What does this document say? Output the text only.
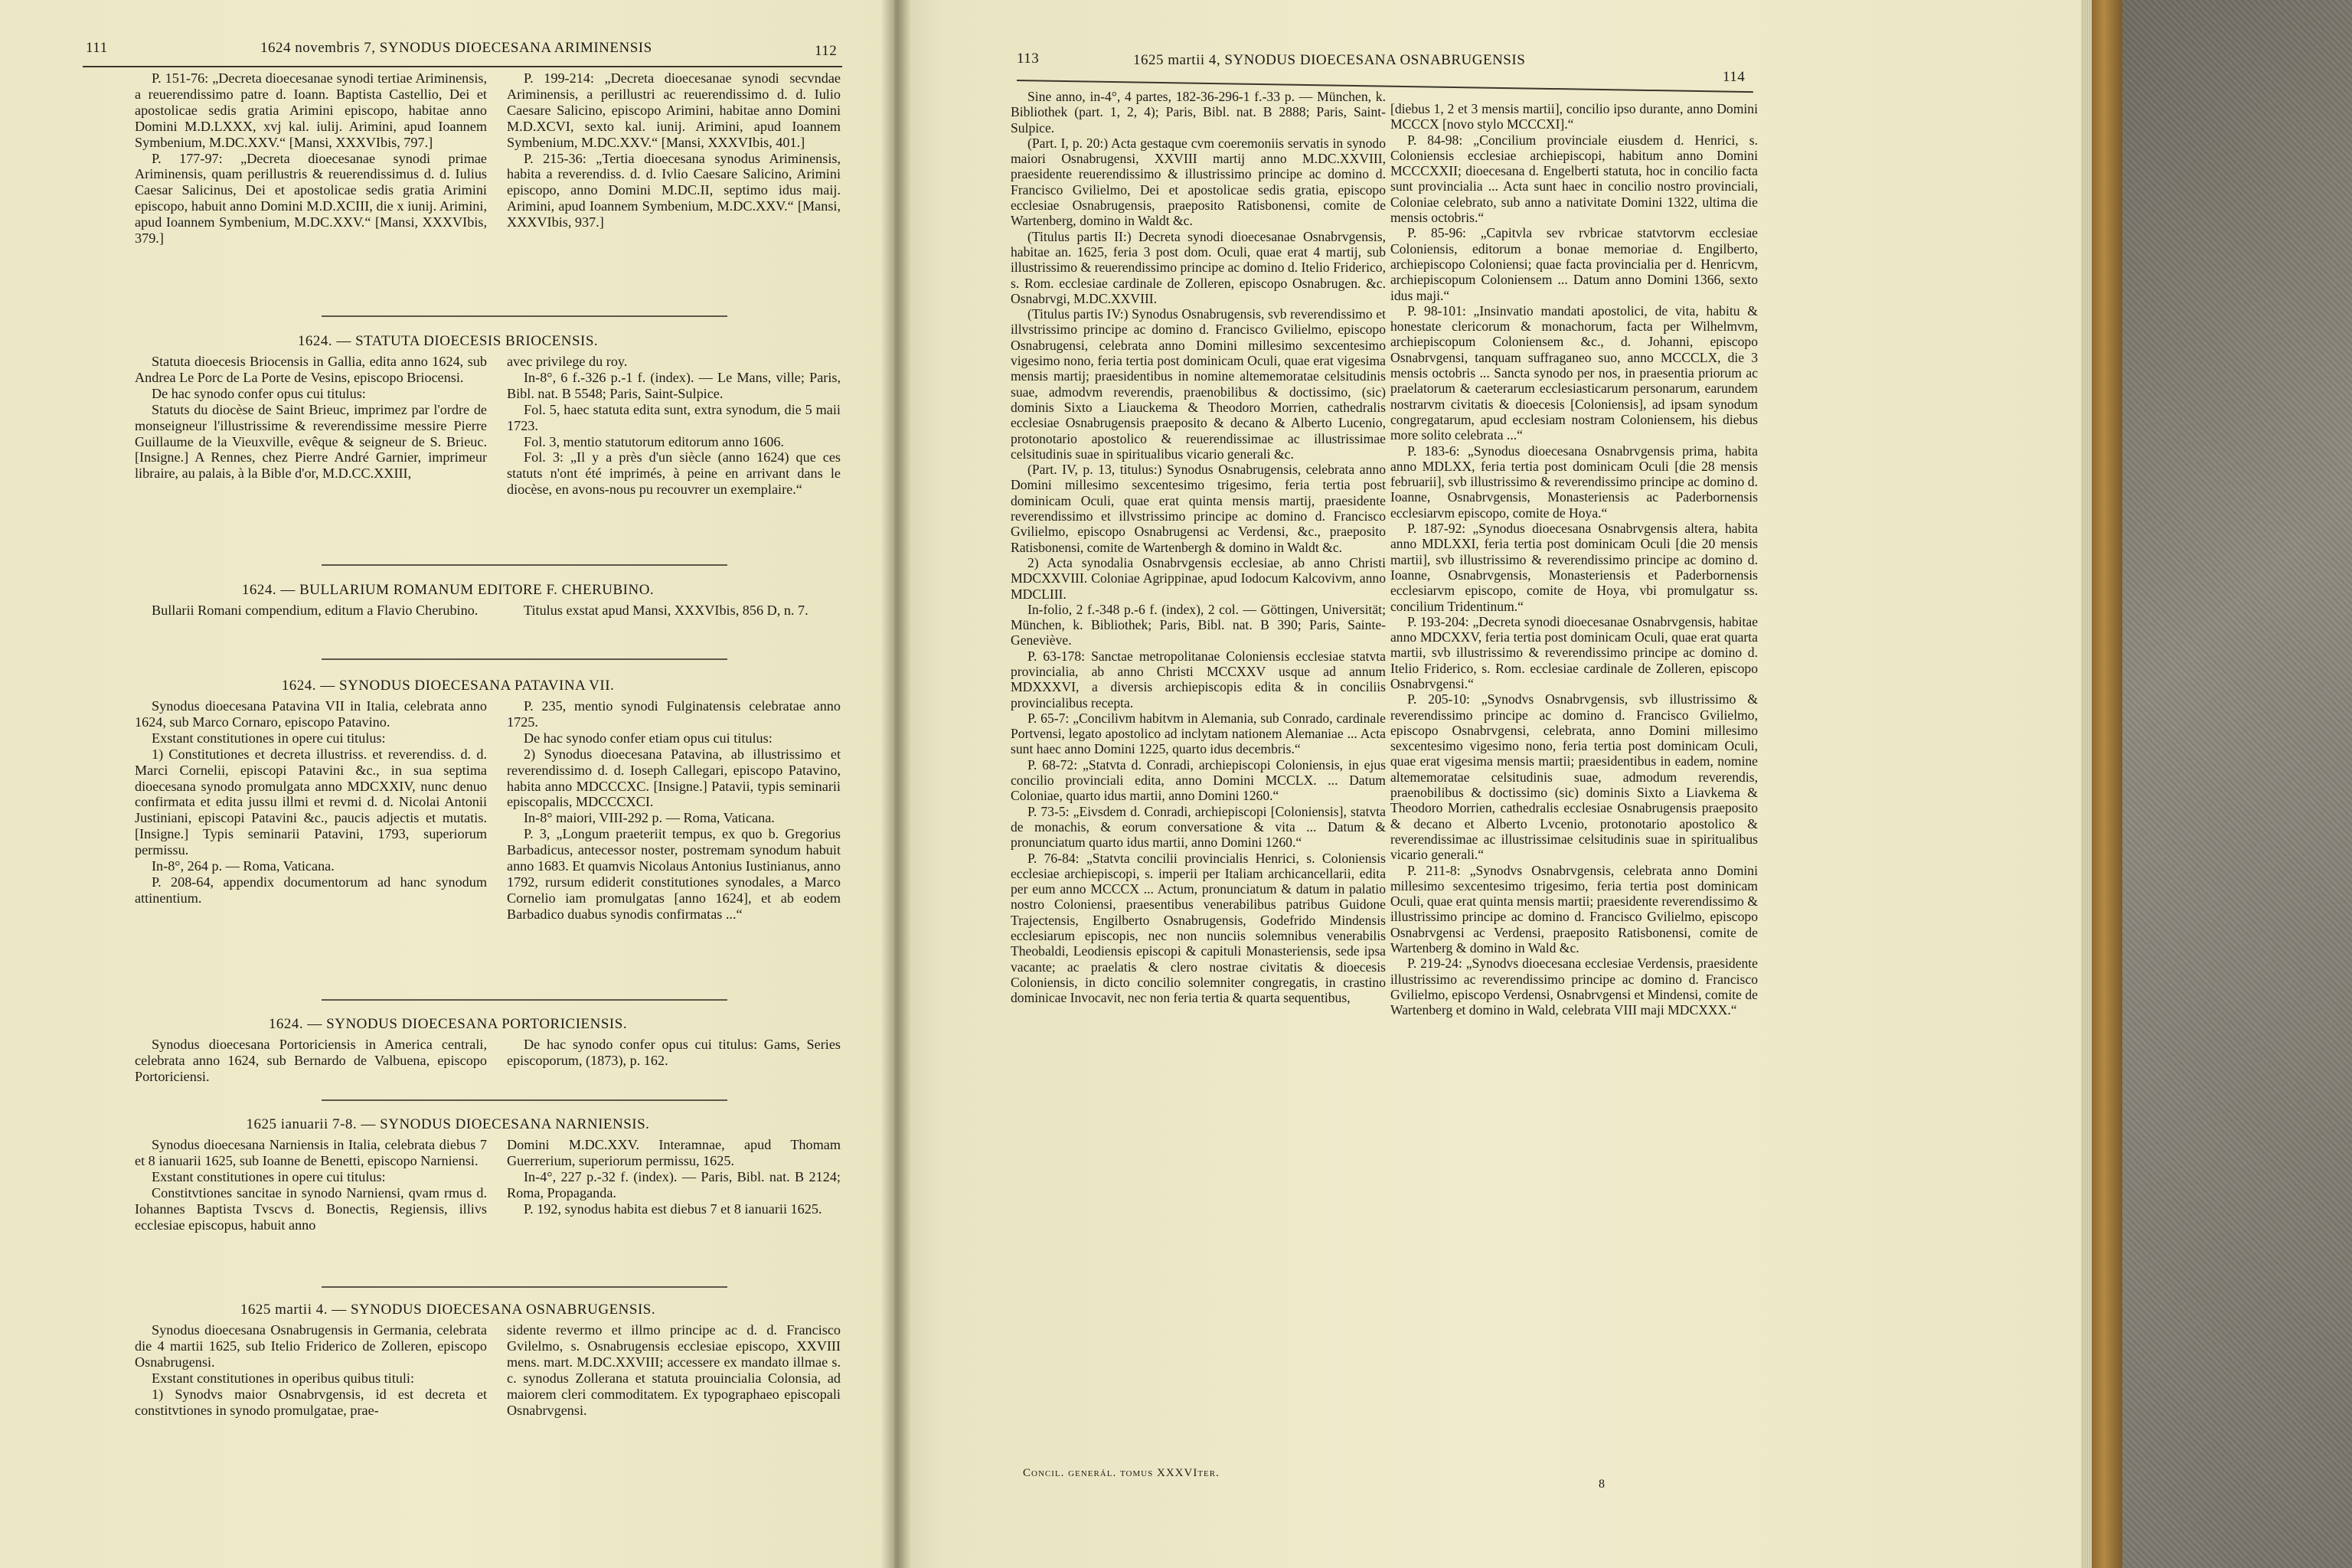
111	1624 novembris 7, SYNODUS DIOECESANA ARIMINENSIS	112

P. 151-76: „Decreta dioecesanae synodi tertiae Ariminensis, a reuerendissimo patre d. Ioann. Baptista Castellio, Dei et apostolicae sedis gratia Arimini episcopo, habitae anno Domini M.D.LXXX, xvj kal. iulij. Arimini, apud Ioannem Symbenium, M.DC.XXV.“ [Mansi, XXXVIbis, 797.]

P. 177-97: „Decreta dioecesanae synodi primae Ariminensis, quam perillustris & reuerendissimus d. d. Iulius Caesar Salicinus, Dei et apostolicae sedis gratia Arimini episcopo, habuit anno Domini M.D.XCIII, die x iunij. Arimini, apud Ioannem Symbenium, M.DC.XXV.“ [Mansi, XXXVIbis, 379.]

P. 199-214: „Decreta dioecesanae synodi secvndae Ariminensis, a perillustri ac reuerendissimo d. d. Iulio Caesare Salicino, episcopo Arimini, habitae anno Domini M.D.XCVI, sexto kal. iunij. Arimini, apud Ioannem Symbenium, M.DC.XXV.“ [Mansi, XXXVIbis, 401.]

P. 215-36: „Tertia dioecesana synodus Ariminensis, habita a reverendiss. d. d. Ivlio Caesare Salicino, Arimini episcopo, anno Domini M.DC.II, septimo idus maij. Arimini, apud Ioannem Symbenium, M.DC.XXV.“ [Mansi, XXXVIbis, 937.]

1624. — STATUTA DIOECESIS BRIOCENSIS.

Statuta dioecesis Briocensis in Gallia, edita anno 1624, sub Andrea Le Porc de La Porte de Vesins, episcopo Briocensi.

De hac synodo confer opus cui titulus:

Statuts du diocèse de Saint Brieuc, imprimez par l'ordre de monseigneur l'illustrissime & reverendissime messire Pierre Guillaume de la Vieuxville, evêque & seigneur de S. Brieuc. [Insigne.] A Rennes, chez Pierre André Garnier, imprimeur libraire, au palais, à la Bible d'or, M.D.CC.XXIII,

avec privilege du roy.

In-8°, 6 f.-326 p.-1 f. (index). — Le Mans, ville; Paris, Bibl. nat. B 5548; Paris, Saint-Sulpice.

Fol. 5, haec statuta edita sunt, extra synodum, die 5 maii 1723.

Fol. 3, mentio statutorum editorum anno 1606.

Fol. 3: „Il y a près d'un siècle (anno 1624) que ces statuts n'ont été imprimés, à peine en arrivant dans le diocèse, en avons-nous pu recouvrer un exemplaire.“

1624. — BULLARIUM ROMANUM EDITORE F. CHERUBINO.

Bullarii Romani compendium, editum a Flavio Cherubino.	Titulus exstat apud Mansi, XXXVIbis, 856 D, n. 7.

1624. — SYNODUS DIOECESANA PATAVINA VII.

Synodus dioecesana Patavina VII in Italia, celebrata anno 1624, sub Marco Cornaro, episcopo Patavino.

Exstant constitutiones in opere cui titulus:

1) Constitutiones et decreta illustriss. et reverendiss. d. d. Marci Cornelii, episcopi Patavini &c., in sua septima dioecesana synodo promulgata anno MDCXXIV, nunc denuo confirmata et edita jussu illmi et revmi d. d. Nicolai Antonii Justiniani, episcopi Patavini &c., paucis adjectis et mutatis. [Insigne.] Typis seminarii Patavini, 1793, superiorum permissu.

In-8°, 264 p. — Roma, Vaticana.

P. 208-64, appendix documentorum ad hanc synodum attinentium.

P. 235, mentio synodi Fulginatensis celebratae anno 1725.

De hac synodo confer etiam opus cui titulus:

2) Synodus dioecesana Patavina, ab illustrissimo et reverendissimo d. d. Ioseph Callegari, episcopo Patavino, habita anno MDCCCXC. [Insigne.] Patavii, typis seminarii episcopalis, MDCCCXCI.

In-8° maiori, VIII-292 p. — Roma, Vaticana.

P. 3, „Longum praeteriit tempus, ex quo b. Gregorius Barbadicus, antecessor noster, postremam synodum habuit anno 1683. Et quamvis Nicolaus Antonius Iustinianus, anno 1792, rursum ediderit constitutiones synodales, a Marco Cornelio iam promulgatas [anno 1624], et ab eodem Barbadico duabus synodis confirmatas ...“

1624. — SYNODUS DIOECESANA PORTORICIENSIS.

Synodus dioecesana Portoriciensis in America centrali, celebrata anno 1624, sub Bernardo de Valbuena, episcopo Portoriciensi.

De hac synodo confer opus cui titulus: Gams, Series episcoporum, (1873), p. 162.

1625 ianuarii 7-8. — SYNODUS DIOECESANA NARNIENSIS.

Synodus dioecesana Narniensis in Italia, celebrata diebus 7 et 8 ianuarii 1625, sub Ioanne de Benetti, episcopo Narniensi.

Exstant constitutiones in opere cui titulus:

Constitvtiones sancitae in synodo Narniensi, qvam rmus d. Iohannes Baptista Tvscvs d. Bonectis, Regiensis, illivs ecclesiae episcopus, habuit anno

Domini M.DC.XXV. Interamnae, apud Thomam Guerrerium, superiorum permissu, 1625.

In-4°, 227 p.-32 f. (index). — Paris, Bibl. nat. B 2124; Roma, Propaganda.

P. 192, synodus habita est diebus 7 et 8 ianuarii 1625.

1625 martii 4. — SYNODUS DIOECESANA OSNABRUGENSIS.

Synodus dioecesana Osnabrugensis in Germania, celebrata die 4 martii 1625, sub Itelio Friderico de Zolleren, episcopo Osnabrugensi.

Exstant constitutiones in operibus quibus tituli:

1) Synodvs maior Osnabrvgensis, id est decreta et constitvtiones in synodo promulgatae, prae-

sidente revermo et illmo principe ac d. d. Francisco Gvilelmo, s. Osnabrugensis ecclesiae episcopo, XXVIII mens. mart. M.DC.XXVIII; accessere ex mandato illmae s. c. synodus Zollerana et statuta prouincialia Colonsia, ad maiorem cleri commoditatem. Ex typographaeo episcopali Osnabrvgensi.

113	1625 martii 4, SYNODUS DIOECESANA OSNABRUGENSIS
114

Sine anno, in-4°, 4 partes, 182-36-296-1 f.-33 p. — München, k. Bibliothek (part. 1, 2, 4); Paris, Bibl. nat. B 2888; Paris, Saint-Sulpice.

(Part. I, p. 20:) Acta gestaque cvm coeremoniis servatis in synodo maiori Osnabrugensi, XXVIII martij anno M.DC.XXVIII, praesidente reuerendissimo & illustrissimo principe ac domino d. Francisco Gvilielmo, Dei et apostolicae sedis gratia, episcopo ecclesiae Osnabrugensis, praeposito Ratisbonensi, comite de Wartenberg, domino in Waldt &c.

(Titulus partis II:) Decreta synodi dioecesanae Osnabrvgensis, habitae an. 1625, feria 3 post dom. Oculi, quae erat 4 martij, sub illustrissimo & reuerendissimo principe ac domino d. Itelio Friderico, s. Rom. ecclesiae cardinale de Zolleren, episcopo Osnabrugen. &c. Osnabrvgi, M.DC.XXVIII.

(Titulus partis IV:) Synodus Osnabrugensis, svb reverendissimo et illvstrissimo principe ac domino d. Francisco Gvilielmo, episcopo Osnabrugensi, celebrata anno Domini millesimo sexcentesimo vigesimo nono, feria tertia post dominicam Oculi, quae erat vigesima mensis martij; praesidentibus in nomine altememoratae celsitudinis suae, admodvm reverendis, praenobilibus & doctissimo, (sic) dominis Sixto a Liauckema & Theodoro Morrien, cathedralis ecclesiae Osnabrugensis praeposito & decano & Alberto Lucenio, protonotario apostolico & reuerendissimae ac illustrissimae celsitudinis suae in spiritualibus vicario generali &c.

(Part. IV, p. 13, titulus:) Synodus Osnabrugensis, celebrata anno Domini millesimo sexcentesimo trigesimo, feria tertia post dominicam Oculi, quae erat quinta mensis martij, praesidente reverendissimo et illvstrissimo principe ac domino d. Francisco Gvilielmo, episcopo Osnabrugensi ac Verdensi, &c., praeposito Ratisbonensi, comite de Wartenbergh & domino in Waldt &c.

2) Acta synodalia Osnabrvgensis ecclesiae, ab anno Christi MDCXXVIII. Coloniae Agrippinae, apud Iodocum Kalcovivm, anno MDCLIII.

In-folio, 2 f.-348 p.-6 f. (index), 2 col. — Göttingen, Universität; München, k. Bibliothek; Paris, Bibl. nat. B 390; Paris, Sainte-Geneviève.

P. 63-178: Sanctae metropolitanae Coloniensis ecclesiae statvta provincialia, ab anno Christi MCCXXV usque ad annum MDXXXVI, a diversis archiepiscopis edita & in conciliis provincialibus recepta.

P. 65-7: „Concilivm habitvm in Alemania, sub Conrado, cardinale Portvensi, legato apostolico ad inclytam nationem Alemaniae ... Acta sunt haec anno Domini 1225, quarto idus decembris.“

P. 68-72: „Statvta d. Conradi, archiepiscopi Coloniensis, in ejus concilio provinciali edita, anno Domini MCCLX. ... Datum Coloniae, quarto idus martii, anno Domini 1260.“

P. 73-5: „Eivsdem d. Conradi, archiepiscopi [Coloniensis], statvta de monachis, & eorum conversatione & vita ... Datum & pronunciatum quarto idus martii, anno Domini 1260.“

P. 76-84: „Statvta concilii provincialis Henrici, s. Coloniensis ecclesiae archiepiscopi, s. imperii per Italiam archicancellarii, edita per eum anno MCCCX ... Actum, pronunciatum & datum in palatio nostro Coloniensi, praesentibus venerabilibus patribus Guidone Trajectensis, Engilberto Osnabrugensis, Godefrido Mindensis ecclesiarum episcopis, nec non nunciis solemnibus venerabilis Theobaldi, Leodiensis episcopi & capituli Monasteriensis, sede ipsa vacante; ac praelatis & clero nostrae civitatis & dioecesis Coloniensis, in dicto concilio solemniter congregatis, in crastino dominicae Invocavit, nec non feria tertia & quarta sequentibus,

[diebus 1, 2 et 3 mensis martii], concilio ipso durante, anno Domini MCCCX [novo stylo MCCCXI].“

P. 84-98: „Concilium provinciale eiusdem d. Henrici, s. Coloniensis ecclesiae archiepiscopi, habitum anno Domini MCCCXXII; dioecesana d. Engelberti statuta, hoc in concilio facta sunt provincialia ... Acta sunt haec in concilio nostro provinciali, Coloniae celebrato, sub anno a nativitate Domini 1322, ultima die mensis octobris.“

P. 85-96: „Capitvla sev rvbricae statvtorvm ecclesiae Coloniensis, editorum a bonae memoriae d. Engilberto, archiepiscopo Coloniensi; quae facta provincialia per d. Henricvm, archiepiscopum Coloniensem ... Datum anno Domini 1366, sexto idus maji.“

P. 98-101: „Insinvatio mandati apostolici, de vita, habitu & honestate clericorum & monachorum, facta per Wilhelmvm, archiepiscopum Coloniensem &c., d. Johanni, episcopo Osnabrvgensi, tanquam suffraganeo suo, anno MCCCLX, die 3 mensis octobris ... Sancta synodo per nos, in praesentia priorum ac praelatorum & caeterarum ecclesiasticarum personarum, earundem nostrarvm civitatis & dioecesis [Coloniensis], ad ipsam synodum congregatarum, apud ecclesiam nostram Coloniensem, his diebus more solito celebrata ...“

P. 183-6: „Synodus dioecesana Osnabrvgensis prima, habita anno MDLXX, feria tertia post dominicam Oculi [die 28 mensis februarii], svb illustrissimo & reverendissimo principe ac domino d. Ioanne, Osnabrvgensis, Monasteriensis ac Paderbornensis ecclesiarvm episcopo, comite de Hoya.“

P. 187-92: „Synodus dioecesana Osnabrvgensis altera, habita anno MDLXXI, feria tertia post dominicam Oculi [die 20 mensis martii], svb illustrissimo & reverendissimo principe ac domino d. Ioanne, Osnabrvgensis, Monasteriensis et Paderbornensis ecclesiarvm episcopo, comite de Hoya, vbi promulgatur ss. concilium Tridentinum.“

P. 193-204: „Decreta synodi dioecesanae Osnabrvgensis, habitae anno MDCXXV, feria tertia post dominicam Oculi, quae erat quarta martii, svb illustrissimo & reverendissimo principe ac domino d. Itelio Friderico, s. Rom. ecclesiae cardinale de Zolleren, episcopo Osnabrvgensi.“

P. 205-10: „Synodvs Osnabrvgensis, svb illustrissimo & reverendissimo principe ac domino d. Francisco Gvilielmo, episcopo Osnabrvgensi, celebrata, anno Domini millesimo sexcentesimo vigesimo nono, feria tertia post dominicam Oculi, quae erat vigesima mensis martii; praesidentibus in eadem, nomine altememoratae celsitudinis suae, admodum reverendis, praenobilibus & doctissimo (sic) dominis Sixto a Liavkema & Theodoro Morrien, cathedralis ecclesiae Osnabrugensis praeposito & decano et Alberto Lvcenio, protonotario apostolico & reverendissimae ac illustrissimae celsitudinis suae in spiritualibus vicario generali.“

P. 211-8: „Synodvs Osnabrvgensis, celebrata anno Domini millesimo sexcentesimo trigesimo, feria tertia post dominicam Oculi, quae erat quinta mensis martii; praesidente reverendissimo & illustrissimo principe ac domino d. Francisco Gvilielmo, episcopo Osnabrvgensi ac Verdensi, praeposito Ratisbonensi, comite de Wartenberg & domino in Wald &c.

P. 219-24: „Synodvs dioecesana ecclesiae Verdensis, praesidente illustrissimo ac reverendissimo principe ac domino d. Francisco Gvilielmo, episcopo Verdensi, Osnabrvgensi et Mindensi, comite de Wartenberg et domino in Wald, celebrata VIII maji MDCXXX.“

Concil. generál. tomus XXXVIter.
8
